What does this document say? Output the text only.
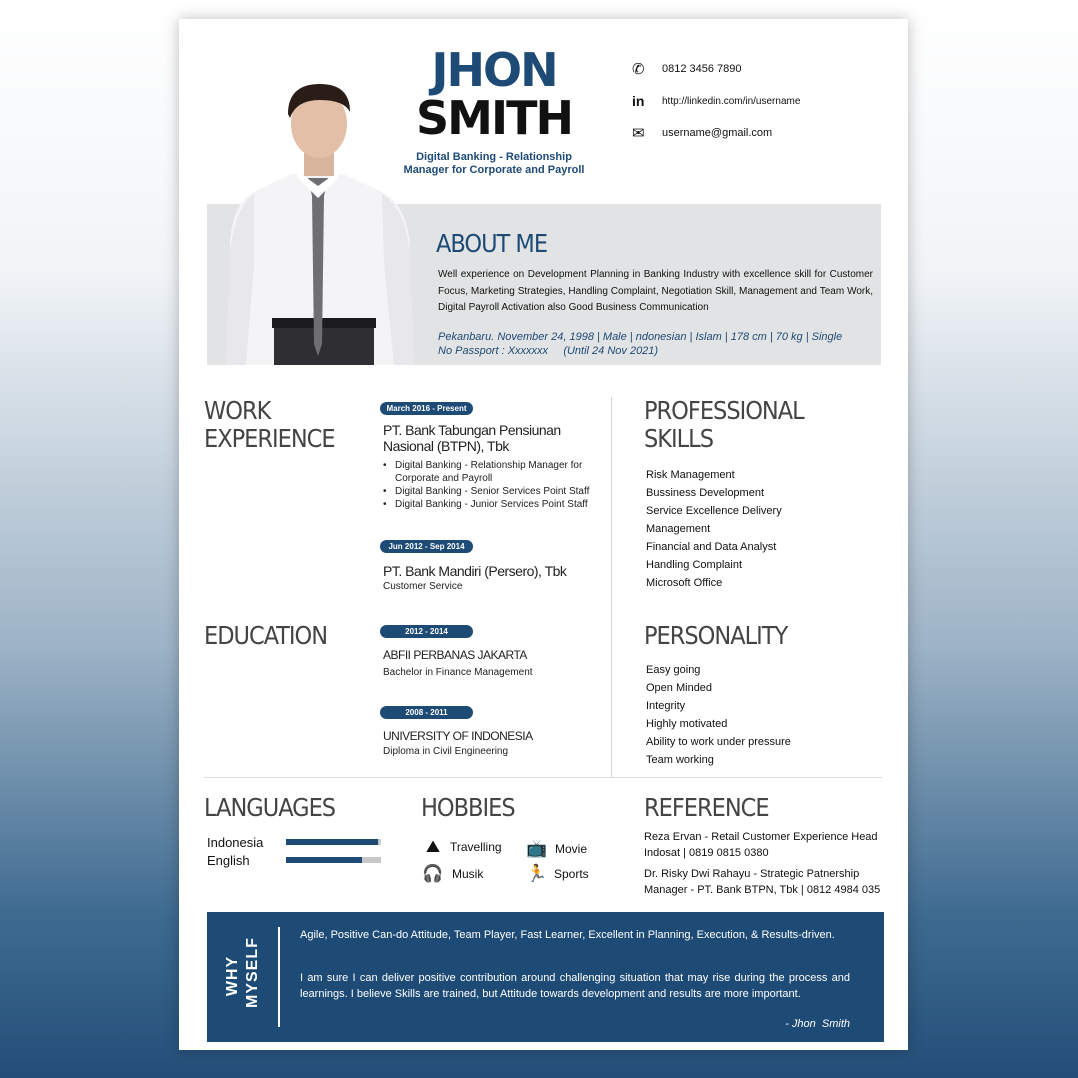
JHON
SMITH
Digital Banking - Relationship
Manager for Corporate and Payroll
✆	0812 3456 7890
in	http://linkedin.com/in/username
✉	username@gmail.com
ABOUT ME
Well experience on Development Planning in Banking Industry with excellence skill for Customer Focus, Marketing Strategies, Handling Complaint, Negotiation Skill, Management and Team Work, Digital Payroll Activation also Good Business Communication
Pekanbaru. November 24, 1998 | Male | ndonesian | Islam | 178 cm | 70 kg | Single
No Passport : Xxxxxxx     (Until 24 Nov 2021)
WORK
EXPERIENCE
March 2016 - Present
PT. Bank Tabungan Pensiunan Nasional (BTPN), Tbk
• Digital Banking - Relationship Manager for Corporate and Payroll
• Digital Banking - Senior Services Point Staff
• Digital Banking - Junior Services Point Staff
Jun 2012 - Sep 2014
PT. Bank Mandiri (Persero), Tbk
Customer Service
EDUCATION	2012 - 2014
ABFII PERBANAS JAKARTA
Bachelor in Finance Management
2008 - 2011
UNIVERSITY OF INDONESIA
Diploma in Civil Engineering
PROFESSIONAL
SKILLS
Risk Management
Bussiness Development
Service Excellence Delivery
Management
Financial and Data Analyst
Handling Complaint
Microsoft Office
PERSONALITY
Easy going
Open Minded
Integrity
Highly motivated
Ability to work under pressure
Team working
LANGUAGES
Indonesia
English
HOBBIES
⛰ Travelling 📺 Movie
🎧 Musik	🏃 Sports
REFERENCE
Reza Ervan - Retail Customer Experience Head
Indosat | 0819 0815 0380
Dr. Risky Dwi Rahayu - Strategic Patnership
Manager - PT. Bank BTPN, Tbk | 0812 4984 035
WHY MYSELF
Agile, Positive Can-do Attitude, Team Player, Fast Learner, Excellent in Planning, Execution, & Results-driven.
I am sure I can deliver positive contribution around challenging situation that may rise during the process and learnings. I believe Skills are trained, but Attitude towards development and results are more important.
- Jhon  Smith
